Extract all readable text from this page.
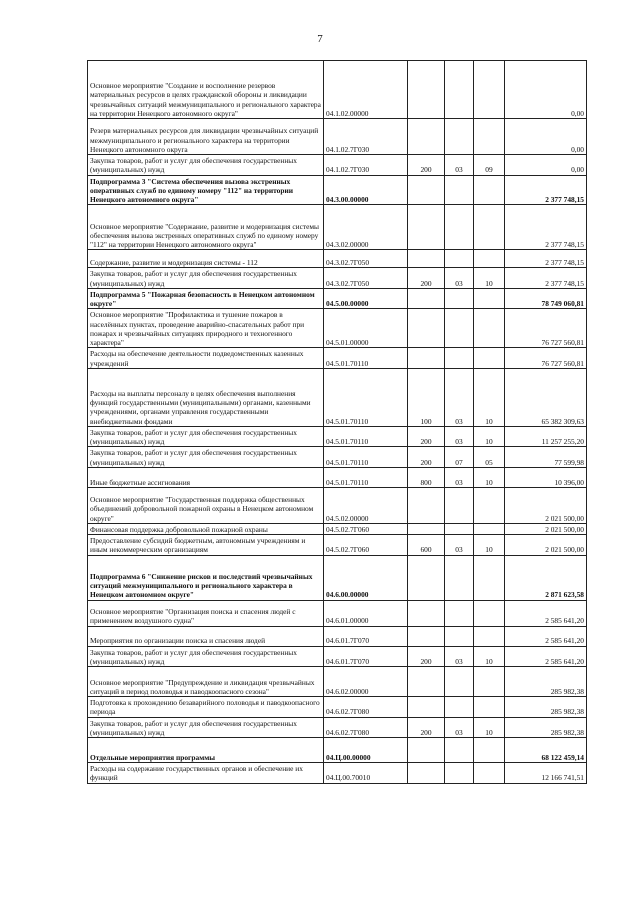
7
Основное мероприятие "Создание и восполнение резервов материальных ресурсов в целях гражданской обороны и ликвидации чрезвычайных ситуаций межмуниципального и регионального характера на территории Ненецкого автономного округа"	04.1.02.00000				0,00
Резерв материальных ресурсов для ликвидации чрезвычайных ситуаций межмуниципального и регионального характера на территории Ненецкого автономного округа	04.1.02.7Г030				0,00
Закупка товаров, работ и услуг для обеспечения государственных (муниципальных) нужд	04.1.02.7Г030	200	03	09	0,00
Подпрограмма 3 "Система обеспечения вызова экстренных оперативных служб по единому номеру "112" на территории Ненецкого автономного округа"	04.3.00.00000				2 377 748,15
Основное мероприятие "Содержание, развитие и модернизация системы обеспечения вызова экстренных оперативных служб по единому номеру "112" на территории Ненецкого автономного округа"	04.3.02.00000				2 377 748,15
Содержание, развитие и модернизация системы - 112	04.3.02.7Г050				2 377 748,15
Закупка товаров, работ и услуг для обеспечения государственных (муниципальных) нужд	04.3.02.7Г050	200	03	10	2 377 748,15
Подпрограмма 5 "Пожарная безопасность в Ненецком автономном округе"	04.5.00.00000				78 749 060,81
Основное мероприятие "Профилактика и тушение пожаров в населённых пунктах, проведение аварийно-спасательных работ при пожарах и чрезвычайных ситуациях природного и техногенного характера"	04.5.01.00000				76 727 560,81
Расходы на обеспечение деятельности подведомственных казенных учреждений	04.5.01.70110				76 727 560,81
Расходы на выплаты персоналу в целях обеспечения выполнения функций государственными (муниципальными) органами, казенными учреждениями, органами управления государственными внебюджетными фондами	04.5.01.70110	100	03	10	65 382 309,63
Закупка товаров, работ и услуг для обеспечения государственных (муниципальных) нужд	04.5.01.70110	200	03	10	11 257 255,20
Закупка товаров, работ и услуг для обеспечения государственных (муниципальных) нужд	04.5.01.70110	200	07	05	77 599,98
Иные бюджетные ассигнования	04.5.01.70110	800	03	10	10 396,00
Основное мероприятие "Государственная поддержка общественных объединений добровольной пожарной охраны в Ненецком автономном округе"	04.5.02.00000				2 021 500,00
Финансовая поддержка добровольной пожарной охраны	04.5.02.7Г060				2 021 500,00
Предоставление субсидий бюджетным, автономным учреждениям и иным некоммерческим организациям	04.5.02.7Г060	600	03	10	2 021 500,00
Подпрограмма 6 "Снижение рисков и последствий чрезвычайных ситуаций межмуниципального и регионального характера в Ненецком автономном округе"	04.6.00.00000				2 871 623,58
Основное мероприятие "Организация поиска и спасения людей с применением воздушного судна"	04.6.01.00000				2 585 641,20
Мероприятия по организации поиска и спасения людей	04.6.01.7Г070				2 585 641,20
Закупка товаров, работ и услуг для обеспечения государственных (муниципальных) нужд	04.6.01.7Г070	200	03	10	2 585 641,20
Основное мероприятие "Предупреждение и ликвидация чрезвычайных ситуаций в период половодья и паводкоопасного сезона"	04.6.02.00000				285 982,38
Подготовка к прохождению безаварийного половодья и паводкоопасного периода	04.6.02.7Г080				285 982,38
Закупка товаров, работ и услуг для обеспечения государственных (муниципальных) нужд	04.6.02.7Г080	200	03	10	285 982,38
Отдельные мероприятия программы	04.Ц.00.00000				68 122 459,14
Расходы на содержание государственных органов и обеспечение их функций	04.Ц.00.70010				12 166 741,51
